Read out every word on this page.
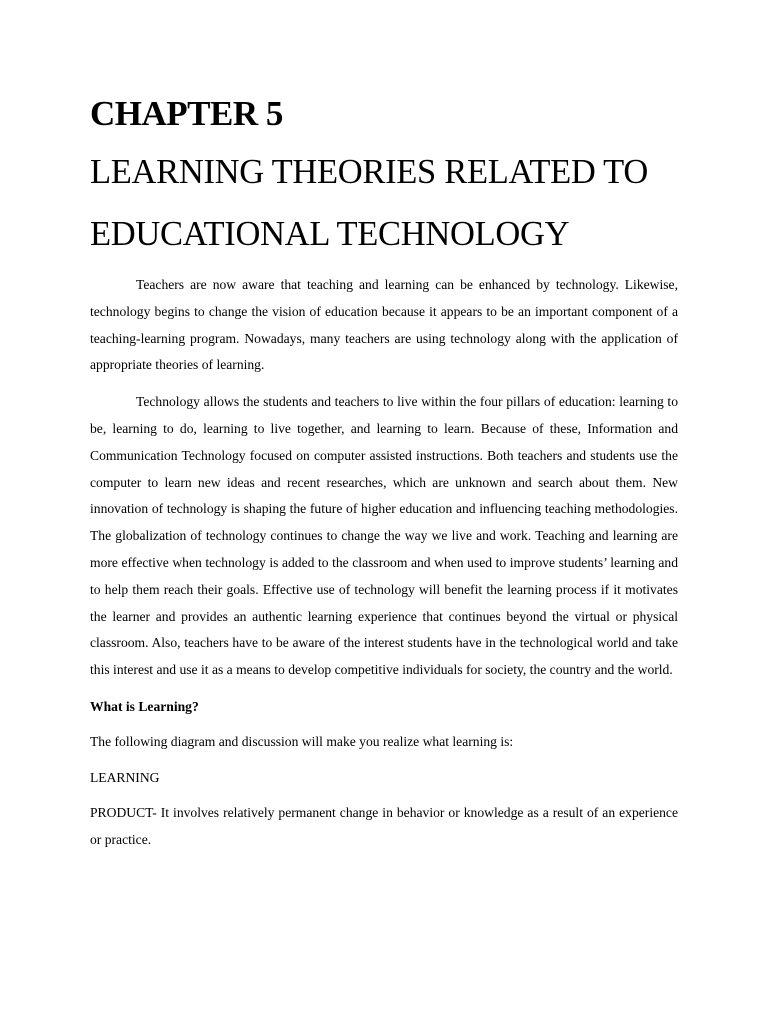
CHAPTER 5
LEARNING THEORIES RELATED TO
EDUCATIONAL TECHNOLOGY

Teachers are now aware that teaching and learning can be enhanced by technology. Likewise, technology begins to change the vision of education because it appears to be an important component of a teaching-learning program. Nowadays, many teachers are using technology along with the application of appropriate theories of learning.

Technology allows the students and teachers to live within the four pillars of education: learning to be, learning to do, learning to live together, and learning to learn. Because of these, Information and Communication Technology focused on computer assisted instructions. Both teachers and students use the computer to learn new ideas and recent researches, which are unknown and search about them. New innovation of technology is shaping the future of higher education and influencing teaching methodologies. The globalization of technology continues to change the way we live and work. Teaching and learning are more effective when technology is added to the classroom and when used to improve students’ learning and to help them reach their goals. Effective use of technology will benefit the learning process if it motivates the learner and provides an authentic learning experience that continues beyond the virtual or physical classroom. Also, teachers have to be aware of the interest students have in the technological world and take this interest and use it as a means to develop competitive individuals for society, the country and the world.

What is Learning?

The following diagram and discussion will make you realize what learning is:

LEARNING

PRODUCT- It involves relatively permanent change in behavior or knowledge as a result of an experience or practice.
